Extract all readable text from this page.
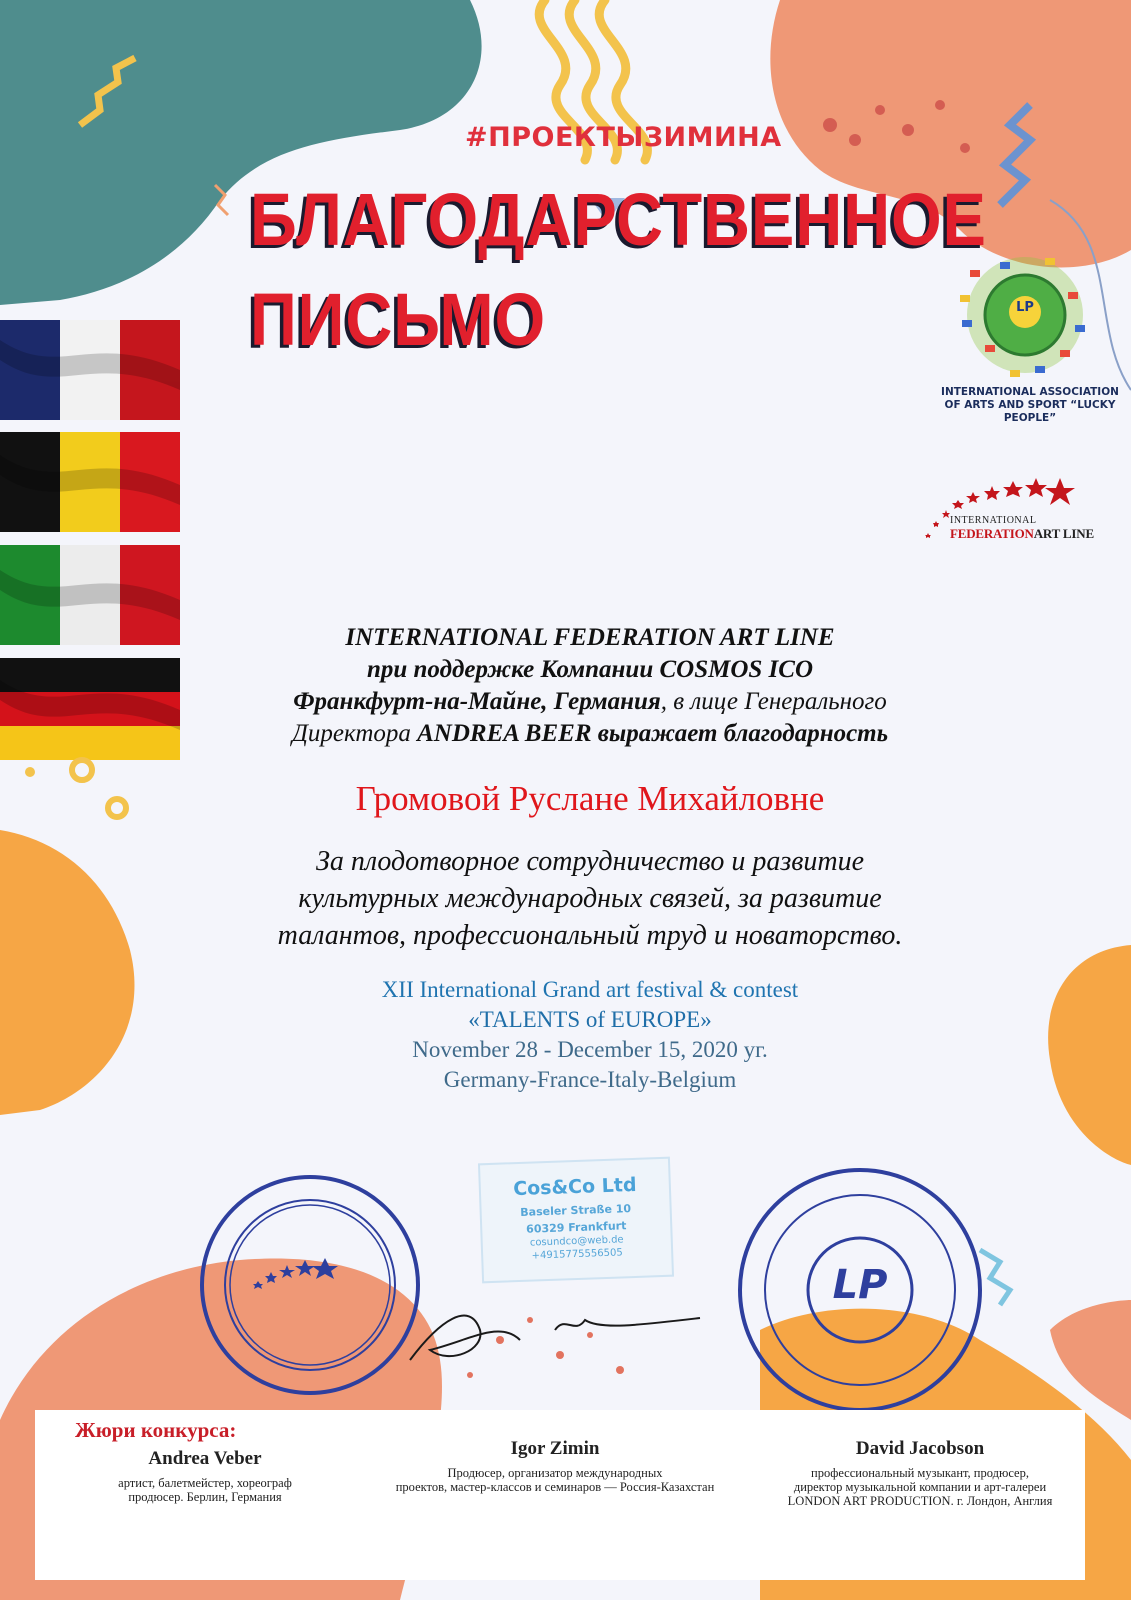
#ПРОЕКТЫЗИМИНА
БЛАГОДАРСТВЕННОЕ
ПИСЬМО	LP
INTERNATIONAL ASSOCIATION
OF ARTS AND SPORT “LUCKY PEOPLE”
INTERNATIONAL
FEDERATIONART LINE
INTERNATIONAL FEDERATION ART LINE
при поддержке Компании COSMOS ICO
Франкфурт-на-Майне, Германия, в лице Генерального
Директора ANDREA BEER выражает благодарность
Громовой Руслане Михайловне
За плодотворное сотрудничество и развитие
культурных международных связей, за развитие
талантов, профессиональный труд и новаторство.
XII International Grand art festival & contest
«TALENTS of EUROPE»
November 28 - December 15, 2020 уг.
Germany-France-Italy-Belgium
Cos&Co Ltd
Baseler Straße 10
60329 Frankfurt
cosundco@web.de
+4915775556505
LP
Жюри конкурса:
Andrea Veber
артист, балетмейстер, хореограф
продюсер. Берлин, Германия
Igor Zimin
Продюсер, организатор международных
проектов, мастер-классов и семинаров — Россия-Казахстан
David Jacobson
профессиональный музыкант, продюсер,
директор музыкальной компании и арт-галереи
LONDON ART PRODUCTION. г. Лондон, Англия
